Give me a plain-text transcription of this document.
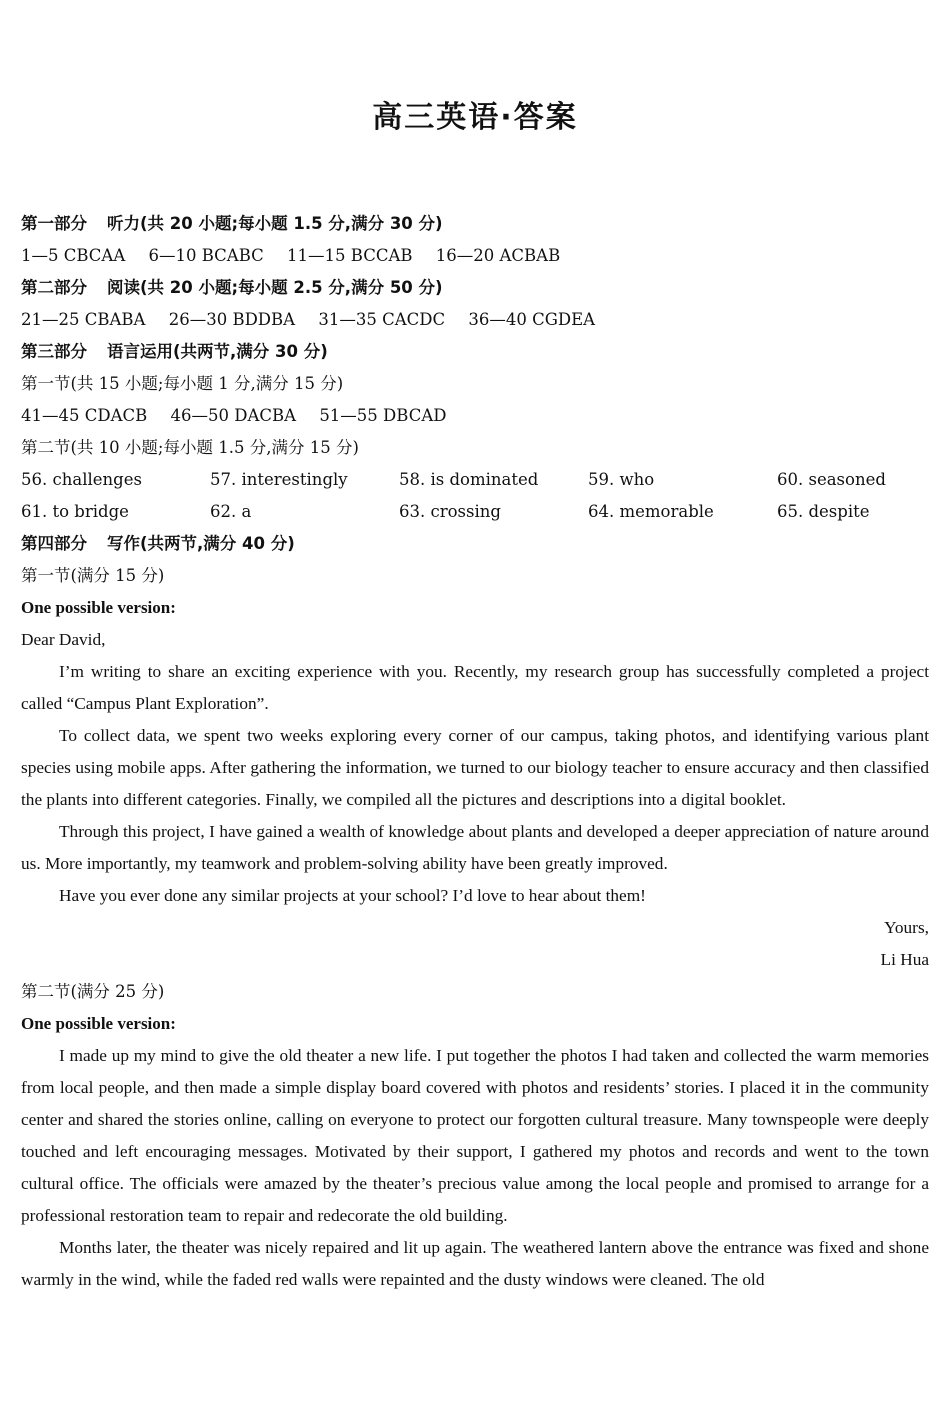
高三英语·答案
第一部分 听力(共 20 小题;每小题 1.5 分,满分 30 分)
1—5 CBCAA 6—10 BCABC 11—15 BCCAB 16—20 ACBAB
第二部分 阅读(共 20 小题;每小题 2.5 分,满分 50 分)
21—25 CBABA 26—30 BDDBA 31—35 CACDC 36—40 CGDEA
第三部分 语言运用(共两节,满分 30 分)
第一节(共 15 小题;每小题 1 分,满分 15 分)
41—45 CDACB 46—50 DACBA 51—55 DBCAD
第二节(共 10 小题;每小题 1.5 分,满分 15 分)
56. challenges	57. interestingly	58. is dominated	59. who	60. seasoned
61. to bridge	62. a	63. crossing	64. memorable	65. despite
第四部分 写作(共两节,满分 40 分)
第一节(满分 15 分)
One possible version:
Dear David,

I’m writing to share an exciting experience with you. Recently, my research group has successfully completed a project called “Campus Plant Exploration”.

To collect data, we spent two weeks exploring every corner of our campus, taking photos, and identifying various plant species using mobile apps. After gathering the information, we turned to our biology teacher to ensure accuracy and then classified the plants into different categories. Finally, we compiled all the pictures and descriptions into a digital booklet.

Through this project, I have gained a wealth of knowledge about plants and developed a deeper appreciation of nature around us. More importantly, my teamwork and problem-solving ability have been greatly improved.

Have you ever done any similar projects at your school? I’d love to hear about them!

Yours,
Li Hua
第二节(满分 25 分)
One possible version:

I made up my mind to give the old theater a new life. I put together the photos I had taken and collected the warm memories from local people, and then made a simple display board covered with photos and residents’ stories. I placed it in the community center and shared the stories online, calling on everyone to protect our forgotten cultural treasure. Many townspeople were deeply touched and left encouraging messages. Motivated by their support, I gathered my photos and records and went to the town cultural office. The officials were amazed by the theater’s precious value among the local people and promised to arrange for a professional restoration team to repair and redecorate the old building.

Months later, the theater was nicely repaired and lit up again. The weathered lantern above the entrance was fixed and shone warmly in the wind, while the faded red walls were repainted and the dusty windows were cleaned. The old
